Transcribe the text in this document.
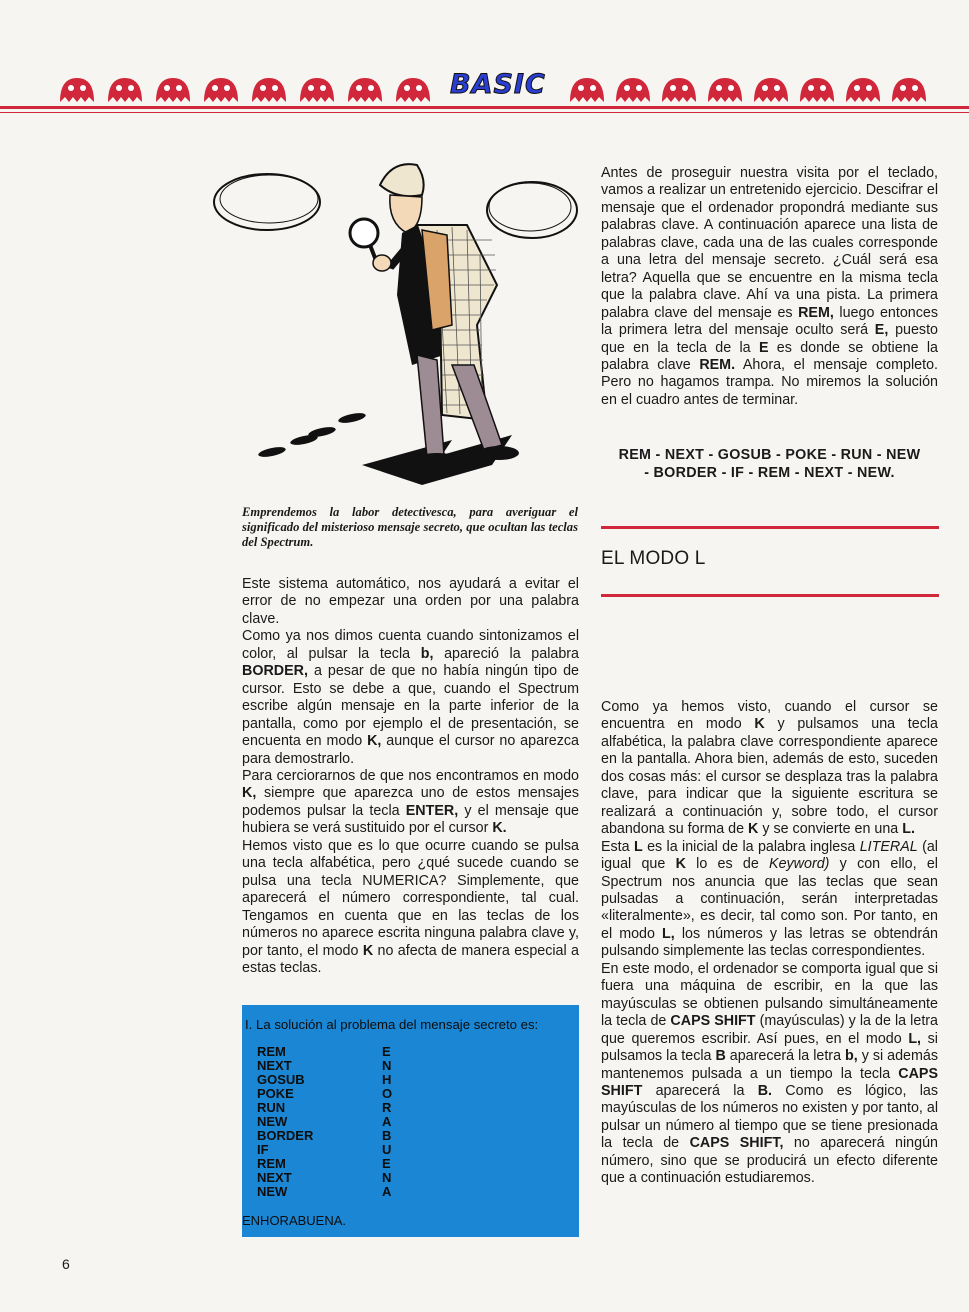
BASIC
Emprendemos la labor detectivesca, para averiguar el significado del misterioso mensaje secreto, que ocultan las teclas del Spectrum.

Este sistema automático, nos ayudará a evitar el error de no empezar una orden por una palabra clave.

Como ya nos dimos cuenta cuando sintonizamos el color, al pulsar la tecla b, apareció la palabra BORDER, a pesar de que no había ningún tipo de cursor. Esto se debe a que, cuando el Spectrum escribe algún mensaje en la parte inferior de la pantalla, como por ejemplo el de presentación, se encuenta en modo K, aunque el cursor no aparezca para demostrarlo.

Para cerciorarnos de que nos encontramos en modo K, siempre que aparezca uno de estos mensajes podemos pulsar la tecla ENTER, y el mensaje que hubiera se verá sustituido por el cursor K.

Hemos visto que es lo que ocurre cuando se pulsa una tecla alfabética, pero ¿qué sucede cuando se pulsa una tecla NUMERICA? Simplemente, que aparecerá el número correspondiente, tal cual. Tengamos en cuenta que en las teclas de los números no aparece escrita ninguna palabra clave y, por tanto, el modo K no afecta de manera especial a estas teclas.

Antes de proseguir nuestra visita por el teclado, vamos a realizar un entretenido ejercicio. Descifrar el mensaje que el ordenador propondrá mediante sus palabras clave. A continuación aparece una lista de palabras clave, cada una de las cuales corresponde a una letra del mensaje secreto. ¿Cuál será esa letra? Aquella que se encuentre en la misma tecla que la palabra clave. Ahí va una pista. La primera palabra clave del mensaje es REM, luego entonces la primera letra del mensaje oculto será E, puesto que en la tecla de la E es donde se obtiene la palabra clave REM. Ahora, el mensaje completo. Pero no hagamos trampa. No miremos la solución en el cuadro antes de terminar.

REM - NEXT - GOSUB - POKE - RUN - NEW
- BORDER - IF - REM - NEXT - NEW.
EL MODO L

Como ya hemos visto, cuando el cursor se encuentra en modo K y pulsamos una tecla alfabética, la palabra clave correspondiente aparece en la pantalla. Ahora bien, además de esto, suceden dos cosas más: el cursor se desplaza tras la palabra clave, para indicar que la siguiente escritura se realizará a continuación y, sobre todo, el cursor abandona su forma de K y se convierte en una L.

Esta L es la inicial de la palabra inglesa LITERAL (al igual que K lo es de Keyword) y con ello, el Spectrum nos anuncia que las teclas que sean pulsadas a continuación, serán interpretadas «literalmente», es decir, tal como son. Por tanto, en el modo L, los números y las letras se obtendrán pulsando simplemente las teclas correspondientes.

En este modo, el ordenador se comporta igual que si fuera una máquina de escribir, en la que las mayúsculas se obtienen pulsando simultáneamente la tecla de CAPS SHIFT (mayúsculas) y la de la letra que queremos escribir. Así pues, en el modo L, si pulsamos la tecla B aparecerá la letra b, y si además mantenemos pulsada a un tiempo la tecla CAPS SHIFT aparecerá la B. Como es lógico, las mayúsculas de los números no existen y por tanto, al pulsar un número al tiempo que se tiene presionada la tecla de CAPS SHIFT, no aparecerá ningún número, sino que se producirá un efecto diferente que a continuación estudiaremos.

I. La solución al problema del mensaje secreto es:
REM
NEXT
GOSUB
POKE
RUN
NEW
BORDER
IF
REM
NEXT
NEW
E
N
H
O
R
A
B
U
E
N
A
ENHORABUENA.
6
